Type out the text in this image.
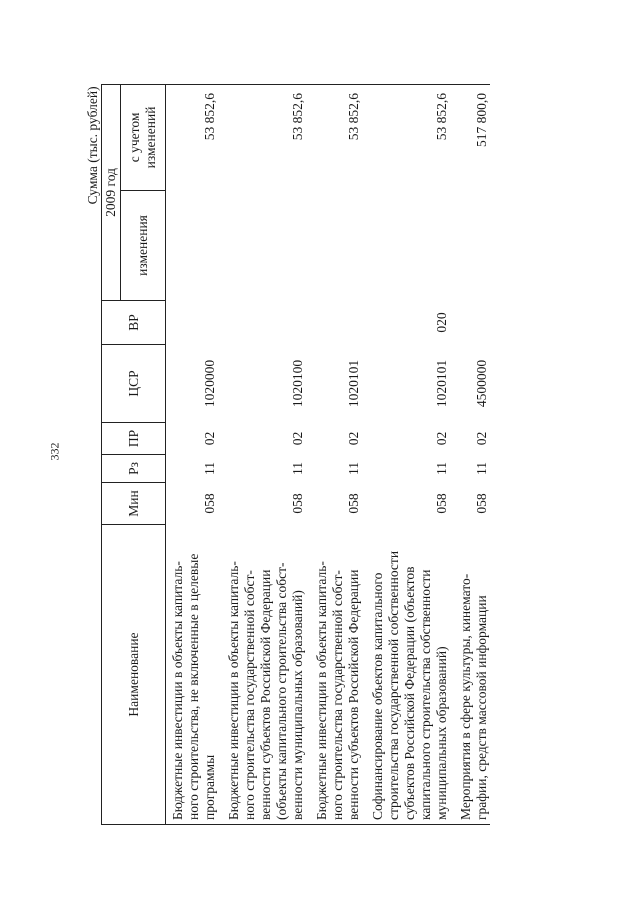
332
Сумма (тыс. рублей)							
Наименование	Мин	Рз	ПР	ЦСР	ВР	2009 год	
						изменения	с учетом
изменений
Бюджетные инвестиции в объекты капиталь-
ного строительства, не включенные в целевые
программы	058	11	02	1020000			53 852,6

Бюджетные инвестиции в объекты капиталь-
ного строительства государственной собст-
венности субъектов Российской Федерации
(объекты капитального строительства собст-
венности муниципальных образований)	058	11	02	1020100			53 852,6

Бюджетные инвестиции в объекты капиталь-
ного строительства государственной собст-
венности субъектов Российской Федерации	058	11	02	1020101			53 852,6

Софинансирование объектов капитального
строительства государственной собственности
субъектов Российской Федерации (объектов
капитального строительства собственности
муниципальных образований)	058	11	02	1020101	020		53 852,6

Мероприятия в сфере культуры, кинемато-
графии, средств массовой информации	058	11	02	4500000			517 800,0
